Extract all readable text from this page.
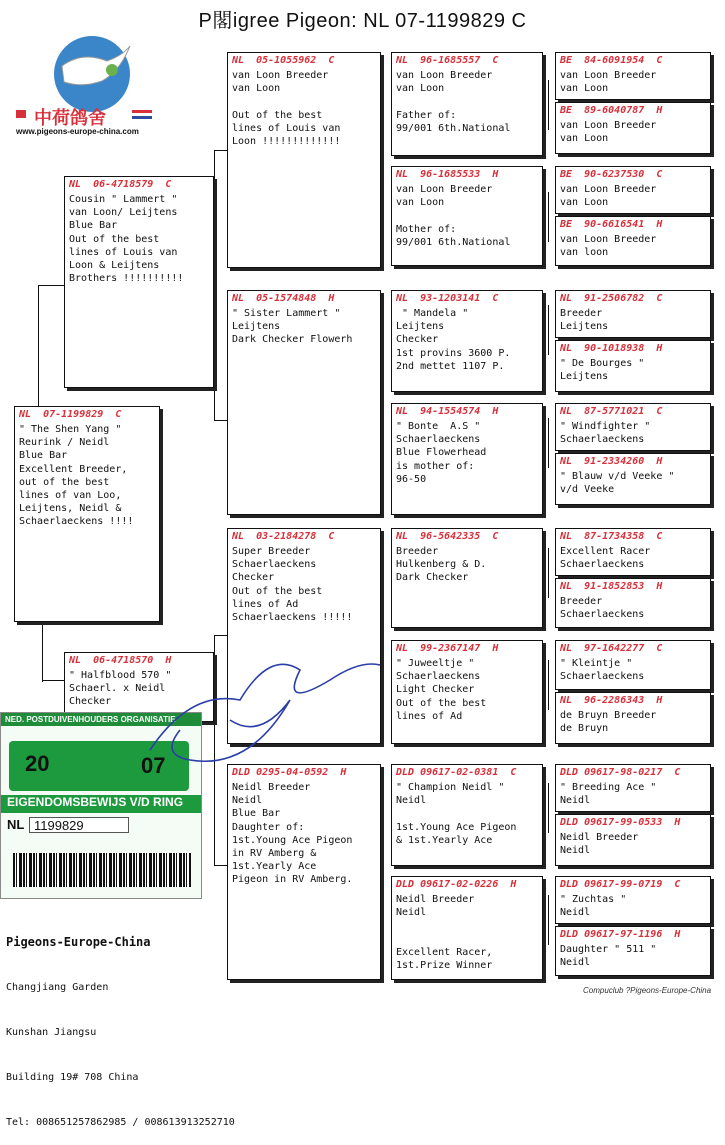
P閣igree Pigeon: NL 07-1199829 C
中荷鸽舍
www.pigeons-europe-china.com
NL  07-1199829  C
" The Shen Yang "
Reurink / Neidl
Blue Bar
Excellent Breeder,
out of the best
lines of van Loo,
Leijtens, Neidl &
Schaerlaeckens !!!!
NL  06-4718579  C
Cousin " Lammert "
van Loon/ Leijtens
Blue Bar
Out of the best
lines of Louis van
Loon & Leijtens
Brothers !!!!!!!!!!
NL  06-4718570  H
" Halfblood 570 "
Schaerl. x Neidl
Checker
NL  05-1055962  C
van Loon Breeder
van Loon

Out of the best
lines of Louis van
Loon !!!!!!!!!!!!!
NL  05-1574848  H
" Sister Lammert "
Leijtens
Dark Checker Flowerh
NL  03-2184278  C
Super Breeder
Schaerlaeckens
Checker
Out of the best
lines of Ad
Schaerlaeckens !!!!!
DLD 0295-04-0592  H
Neidl Breeder
Neidl
Blue Bar
Daughter of:
1st.Young Ace Pigeon
in RV Amberg &
1st.Yearly Ace
Pigeon in RV Amberg.
NL  96-1685557  C
van Loon Breeder
van Loon

Father of:
99/001 6th.National
NL  96-1685533  H
van Loon Breeder
van Loon

Mother of:
99/001 6th.National
NL  93-1203141  C
" Mandela "
Leijtens
Checker
1st provins 3600 P.
2nd mettet 1107 P.
NL  94-1554574  H
" Bonte  A.S "
Schaerlaeckens
Blue Flowerhead
is mother of:
96-50
NL  96-5642335  C
Breeder
Hulkenberg & D.
Dark Checker
NL  99-2367147  H
" Juweeltje "
Schaerlaeckens
Light Checker
Out of the best
lines of Ad
DLD 09617-02-0381  C
" Champion Neidl "
Neidl

1st.Young Ace Pigeon
& 1st.Yearly Ace
DLD 09617-02-0226  H
Neidl Breeder
Neidl

Excellent Racer,
1st.Prize Winner
BE  84-6091954  C
van Loon Breeder
van Loon
BE  89-6040787  H
van Loon Breeder
van Loon
BE  90-6237530  C
van Loon Breeder
van Loon
BE  90-6616541  H
van Loon Breeder
van loon
NL  91-2506782  C
Breeder
Leijtens
NL  90-1018938  H
" De Bourges "
Leijtens
NL  87-5771021  C
" Windfighter "
Schaerlaeckens
NL  91-2334260  H
" Blauw v/d Veeke "
v/d Veeke
NL  87-1734358  C
Excellent Racer
Schaerlaeckens
NL  91-1852853  H
Breeder
Schaerlaeckens
NL  97-1642277  C
" Kleintje "
Schaerlaeckens
NL  96-2286343  H
de Bruyn Breeder
de Bruyn
DLD 09617-98-0217  C
" Breeding Ace "
Neidl
DLD 09617-99-0533  H
Neidl Breeder
Neidl
DLD 09617-99-0719  C
" Zuchtas "
Neidl
DLD 09617-97-1196  H
Daughter " 511 "
Neidl
NED. POSTDUIVENHOUDERS ORGANISATIE
20	07
EIGENDOMSBEWIJS V/D RING
NL 1199829

Pigeons-Europe-China

Changjiang Garden

Kunshan Jiangsu

Building 19# 708 China

Tel: 008651257862985 / 008613913252710

Compuclub ?Pigeons-Europe-China
